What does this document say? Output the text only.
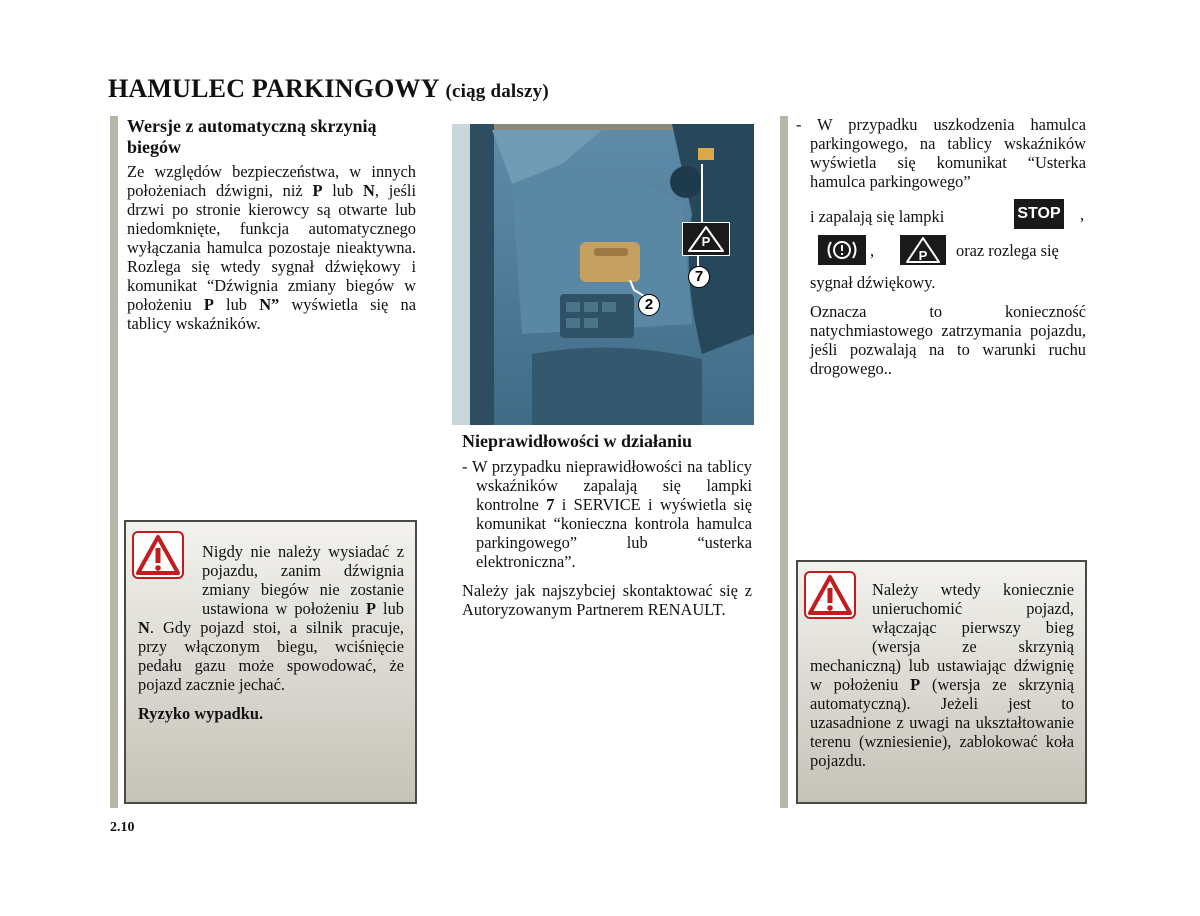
HAMULEC PARKINGOWY (ciąg dalszy)
Wersje z automatyczną skrzynią biegów
Ze względów bezpieczeństwa, w innych położeniach dźwigni, niż P lub N, jeśli drzwi po stronie kierowcy są otwarte lub niedomknięte, funkcja automatycznego wyłączania hamulca pozostaje nieaktywna. Rozlega się wtedy sygnał dźwiękowy i komunikat “Dźwignia zmiany biegów w położeniu P lub N” wyświetla się na tablicy wskaźników.
Nigdy nie należy wysiadać z pojazdu, zanim dźwignia zmiany biegów nie zostanie ustawiona w położeniu P lub N. Gdy pojazd stoi, a silnik pracuje, przy włączonym biegu, wciśnięcie pedału gazu może spowodować, że pojazd zacznie jechać.
Ryzyko wypadku.
P
7
2
Nieprawidłowości w działaniu
- W przypadku nieprawidłowości na tablicy wskaźników zapalają się lampki kontrolne 7 i SERVICE i wyświetla się komunikat “konieczna kontrola hamulca parkingowego” lub “usterka elektroniczna”.
Należy jak najszybciej skontaktować się z Autoryzowanym Partnerem RENAULT.
- W przypadku uszkodzenia hamulca parkingowego, na tablicy wskaźników wyświetla się komunikat “Usterka hamulca parkingowego”
i zapalają się lampki	STOP ,
,	P	oraz rozlega się
sygnał dźwiękowy.
Oznacza to konieczność natychmiastowego zatrzymania pojazdu, jeśli pozwalają na to warunki ruchu drogowego..
Należy wtedy koniecznie unieruchomić pojazd, włączając pierwszy bieg (wersja ze skrzynią mechaniczną) lub ustawiając dźwignię w położeniu P (wersja ze skrzynią automatyczną). Jeżeli jest to uzasadnione z uwagi na ukształtowanie terenu (wzniesienie), zablokować koła pojazdu.
2.10
